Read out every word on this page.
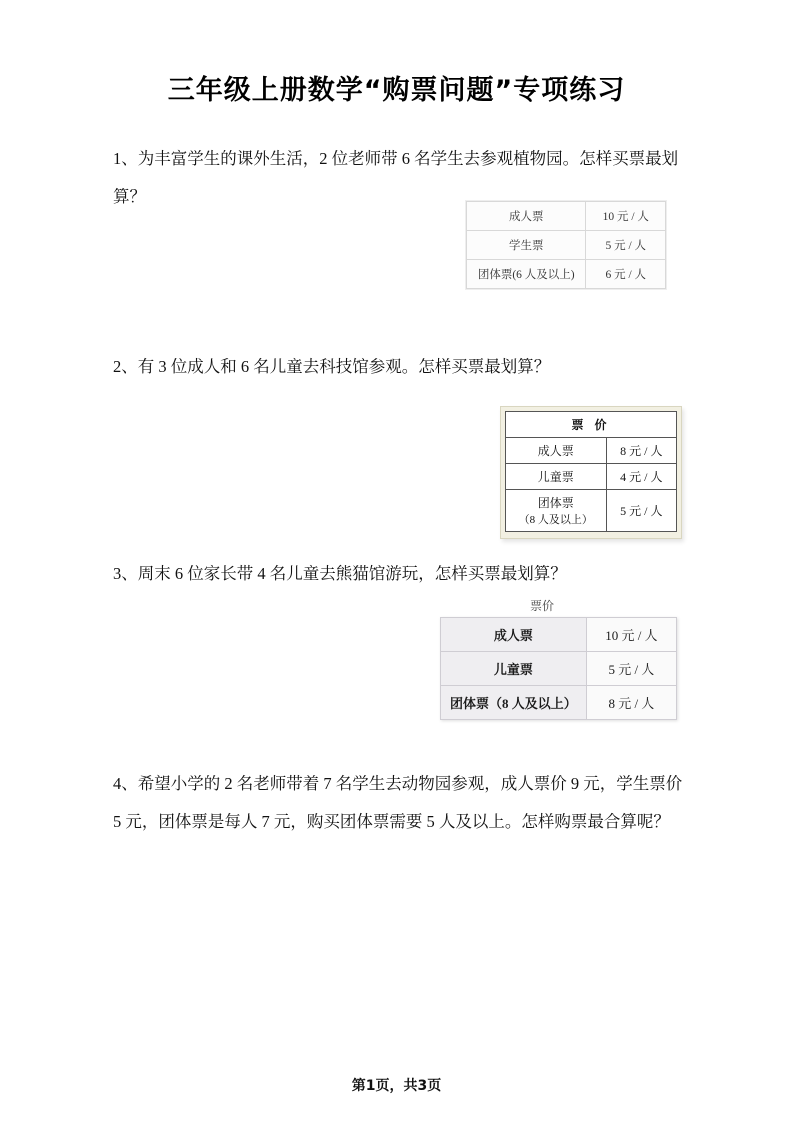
三年级上册数学“购票问题”专项练习
1、为丰富学生的课外生活，2 位老师带 6 名学生去参观植物园。怎样买票最划算？
成人票	10 元 / 人
学生票	5 元 / 人
团体票(6 人及以上)	6 元 / 人
2、有 3 位成人和 6 名儿童去科技馆参观。怎样买票最划算？
票 价	
成人票	8 元 / 人
儿童票	4 元 / 人
团体票
（8 人及以上）	5 元 / 人
3、周末 6 位家长带 4 名儿童去熊猫馆游玩，怎样买票最划算？
票价
成人票	10 元 / 人
儿童票	5 元 / 人
团体票（8 人及以上）	8 元 / 人
4、希望小学的 2 名老师带着 7 名学生去动物园参观，成人票价 9 元，学生票价 5 元，团体票是每人 7 元，购买团体票需要 5 人及以上。怎样购票最合算呢？
第1页，共3页
